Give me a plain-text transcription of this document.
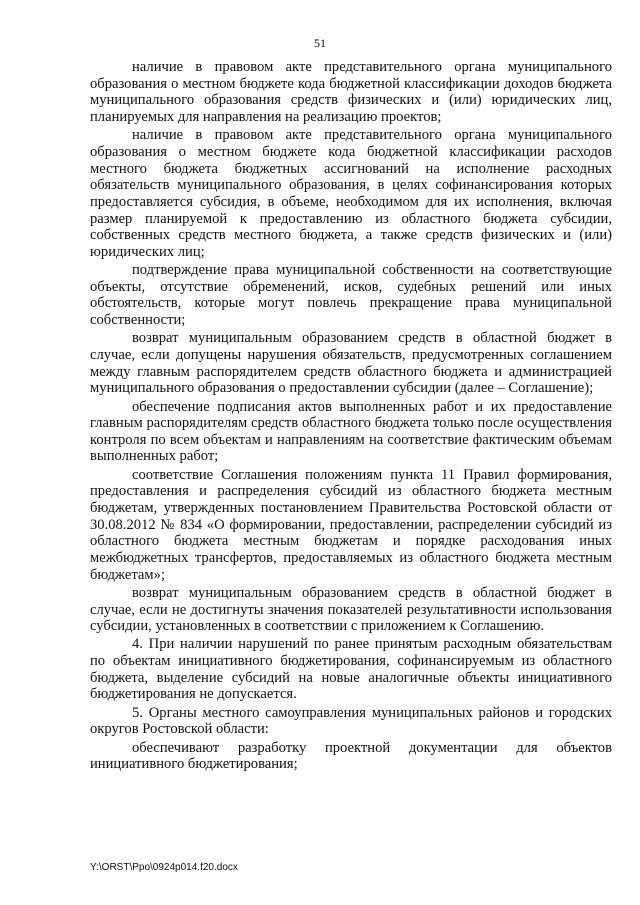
51

наличие в правовом акте представительного органа муниципального образования о местном бюджете кода бюджетной классификации доходов бюджета муниципального образования средств физических и (или) юридических лиц, планируемых для направления на реализацию проектов;

наличие в правовом акте представительного органа муниципального образования о местном бюджете кода бюджетной классификации расходов местного бюджета бюджетных ассигнований на исполнение расходных обязательств муниципального образования, в целях софинансирования которых предоставляется субсидия, в объеме, необходимом для их исполнения, включая размер планируемой к предоставлению из областного бюджета субсидии, собственных средств местного бюджета, а также средств физических и (или) юридических лиц;

подтверждение права муниципальной собственности на соответствующие объекты, отсутствие обременений, исков, судебных решений или иных обстоятельств, которые могут повлечь прекращение права муниципальной собственности;

возврат муниципальным образованием средств в областной бюджет в случае, если допущены нарушения обязательств, предусмотренных соглашением между главным распорядителем средств областного бюджета и администрацией муниципального образования о предоставлении субсидии (далее – Соглашение);

обеспечение подписания актов выполненных работ и их предоставление главным распорядителям средств областного бюджета только после осуществления контроля по всем объектам и направлениям на соответствие фактическим объемам выполненных работ;

соответствие Соглашения положениям пункта 11 Правил формирования, предоставления и распределения субсидий из областного бюджета местным бюджетам, утвержденных постановлением Правительства Ростовской области от 30.08.2012 № 834 «О формировании, предоставлении, распределении субсидий из областного бюджета местным бюджетам и порядке расходования иных межбюджетных трансфертов, предоставляемых из областного бюджета местным бюджетам»;

возврат муниципальным образованием средств в областной бюджет в случае, если не достигнуты значения показателей результативности использования субсидии, установленных в соответствии с приложением к Соглашению.

4. При наличии нарушений по ранее принятым расходным обязательствам по объектам инициативного бюджетирования, софинансируемым из областного бюджета, выделение субсидий на новые аналогичные объекты инициативного бюджетирования не допускается.

5. Органы местного самоуправления муниципальных районов и городских округов Ростовской области:

обеспечивают разработку проектной документации для объектов инициативного бюджетирования;

Y:\ORST\Ppo\0924p014.f20.docx
